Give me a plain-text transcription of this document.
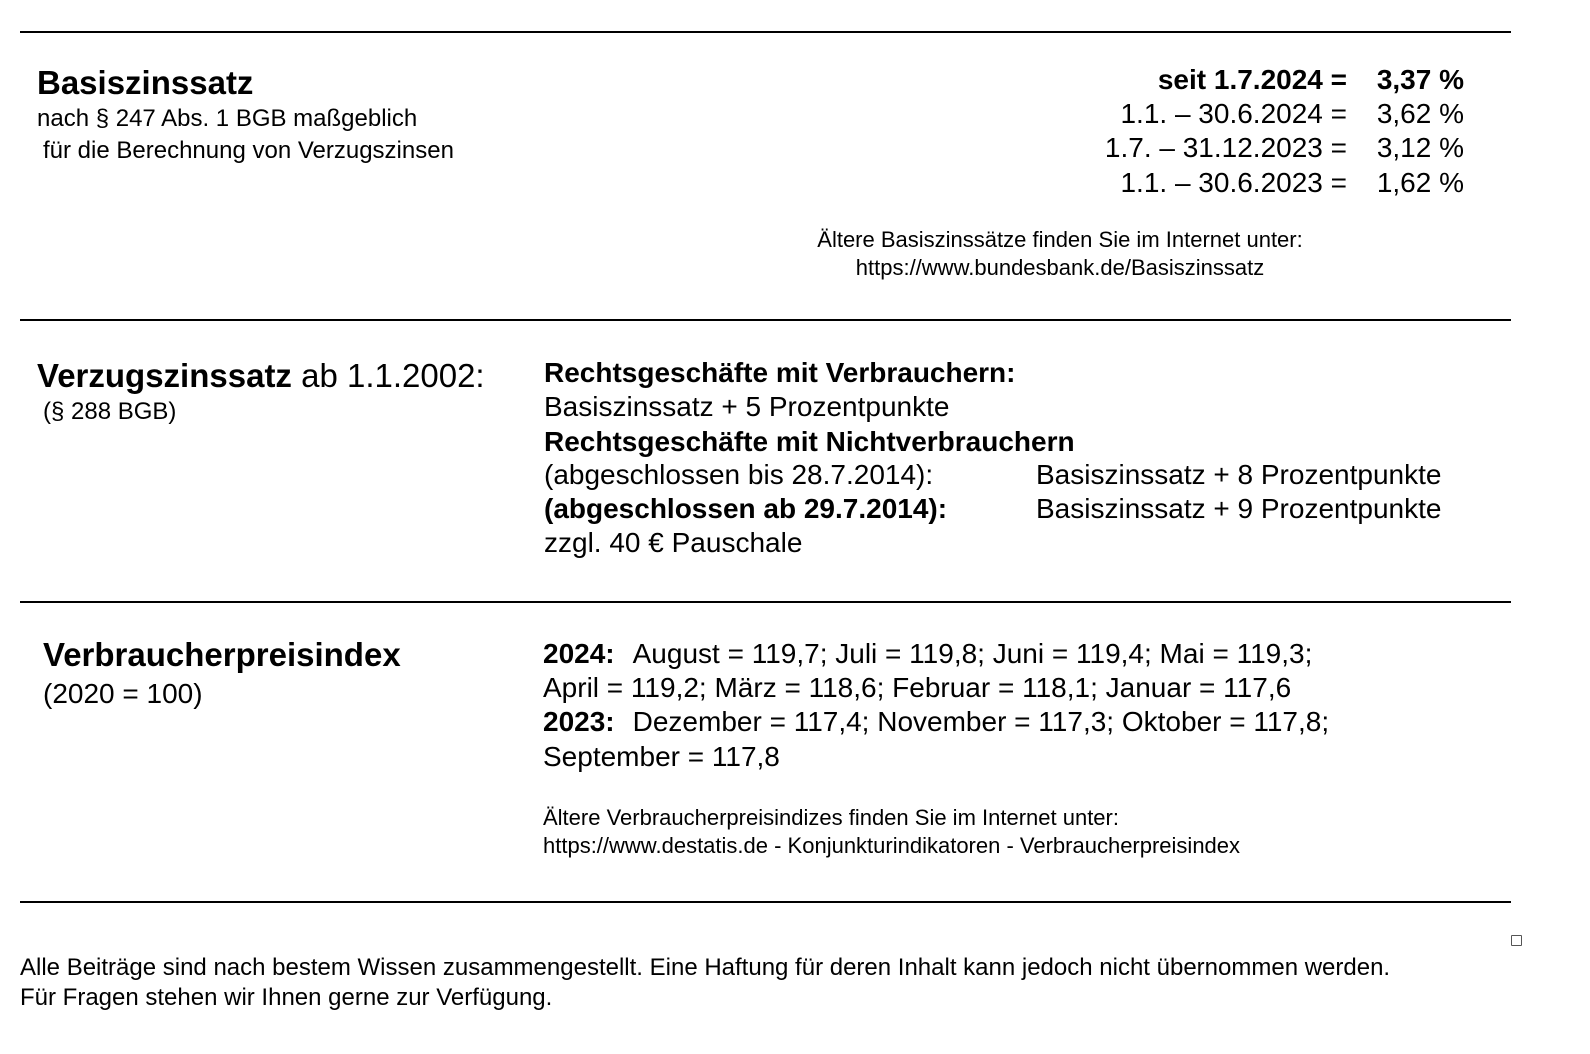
Basiszinssatz
nach § 247 Abs. 1 BGB maßgeblich
für die Berechnung von Verzugszinsen
seit 1.7.2024 = 3,37 %
1.1. – 30.6.2024 = 3,62 %
1.7. – 31.12.2023 = 3,12 %
1.1. – 30.6.2023 = 1,62 %
Ältere Basiszinssätze finden Sie im Internet unter:
https://www.bundesbank.de/Basiszinssatz
Verzugszinssatz ab 1.1.2002:
(§ 288 BGB)
Rechtsgeschäfte mit Verbrauchern:
Basiszinssatz + 5 Prozentpunkte
Rechtsgeschäfte mit Nichtverbrauchern
(abgeschlossen bis 28.7.2014):	Basiszinssatz + 8 Prozentpunkte
(abgeschlossen ab 29.7.2014):	Basiszinssatz + 9 Prozentpunkte
zzgl. 40 € Pauschale
Verbraucherpreisindex
(2020 = 100)
2024: August = 119,7; Juli = 119,8; Juni = 119,4; Mai = 119,3;
April = 119,2; März = 118,6; Februar = 118,1; Januar = 117,6
2023: Dezember = 117,4; November = 117,3; Oktober = 117,8;
September = 117,8
Ältere Verbraucherpreisindizes finden Sie im Internet unter:
https://www.destatis.de - Konjunkturindikatoren - Verbraucherpreisindex
Alle Beiträge sind nach bestem Wissen zusammengestellt. Eine Haftung für deren Inhalt kann jedoch nicht übernommen werden.
Für Fragen stehen wir Ihnen gerne zur Verfügung.
